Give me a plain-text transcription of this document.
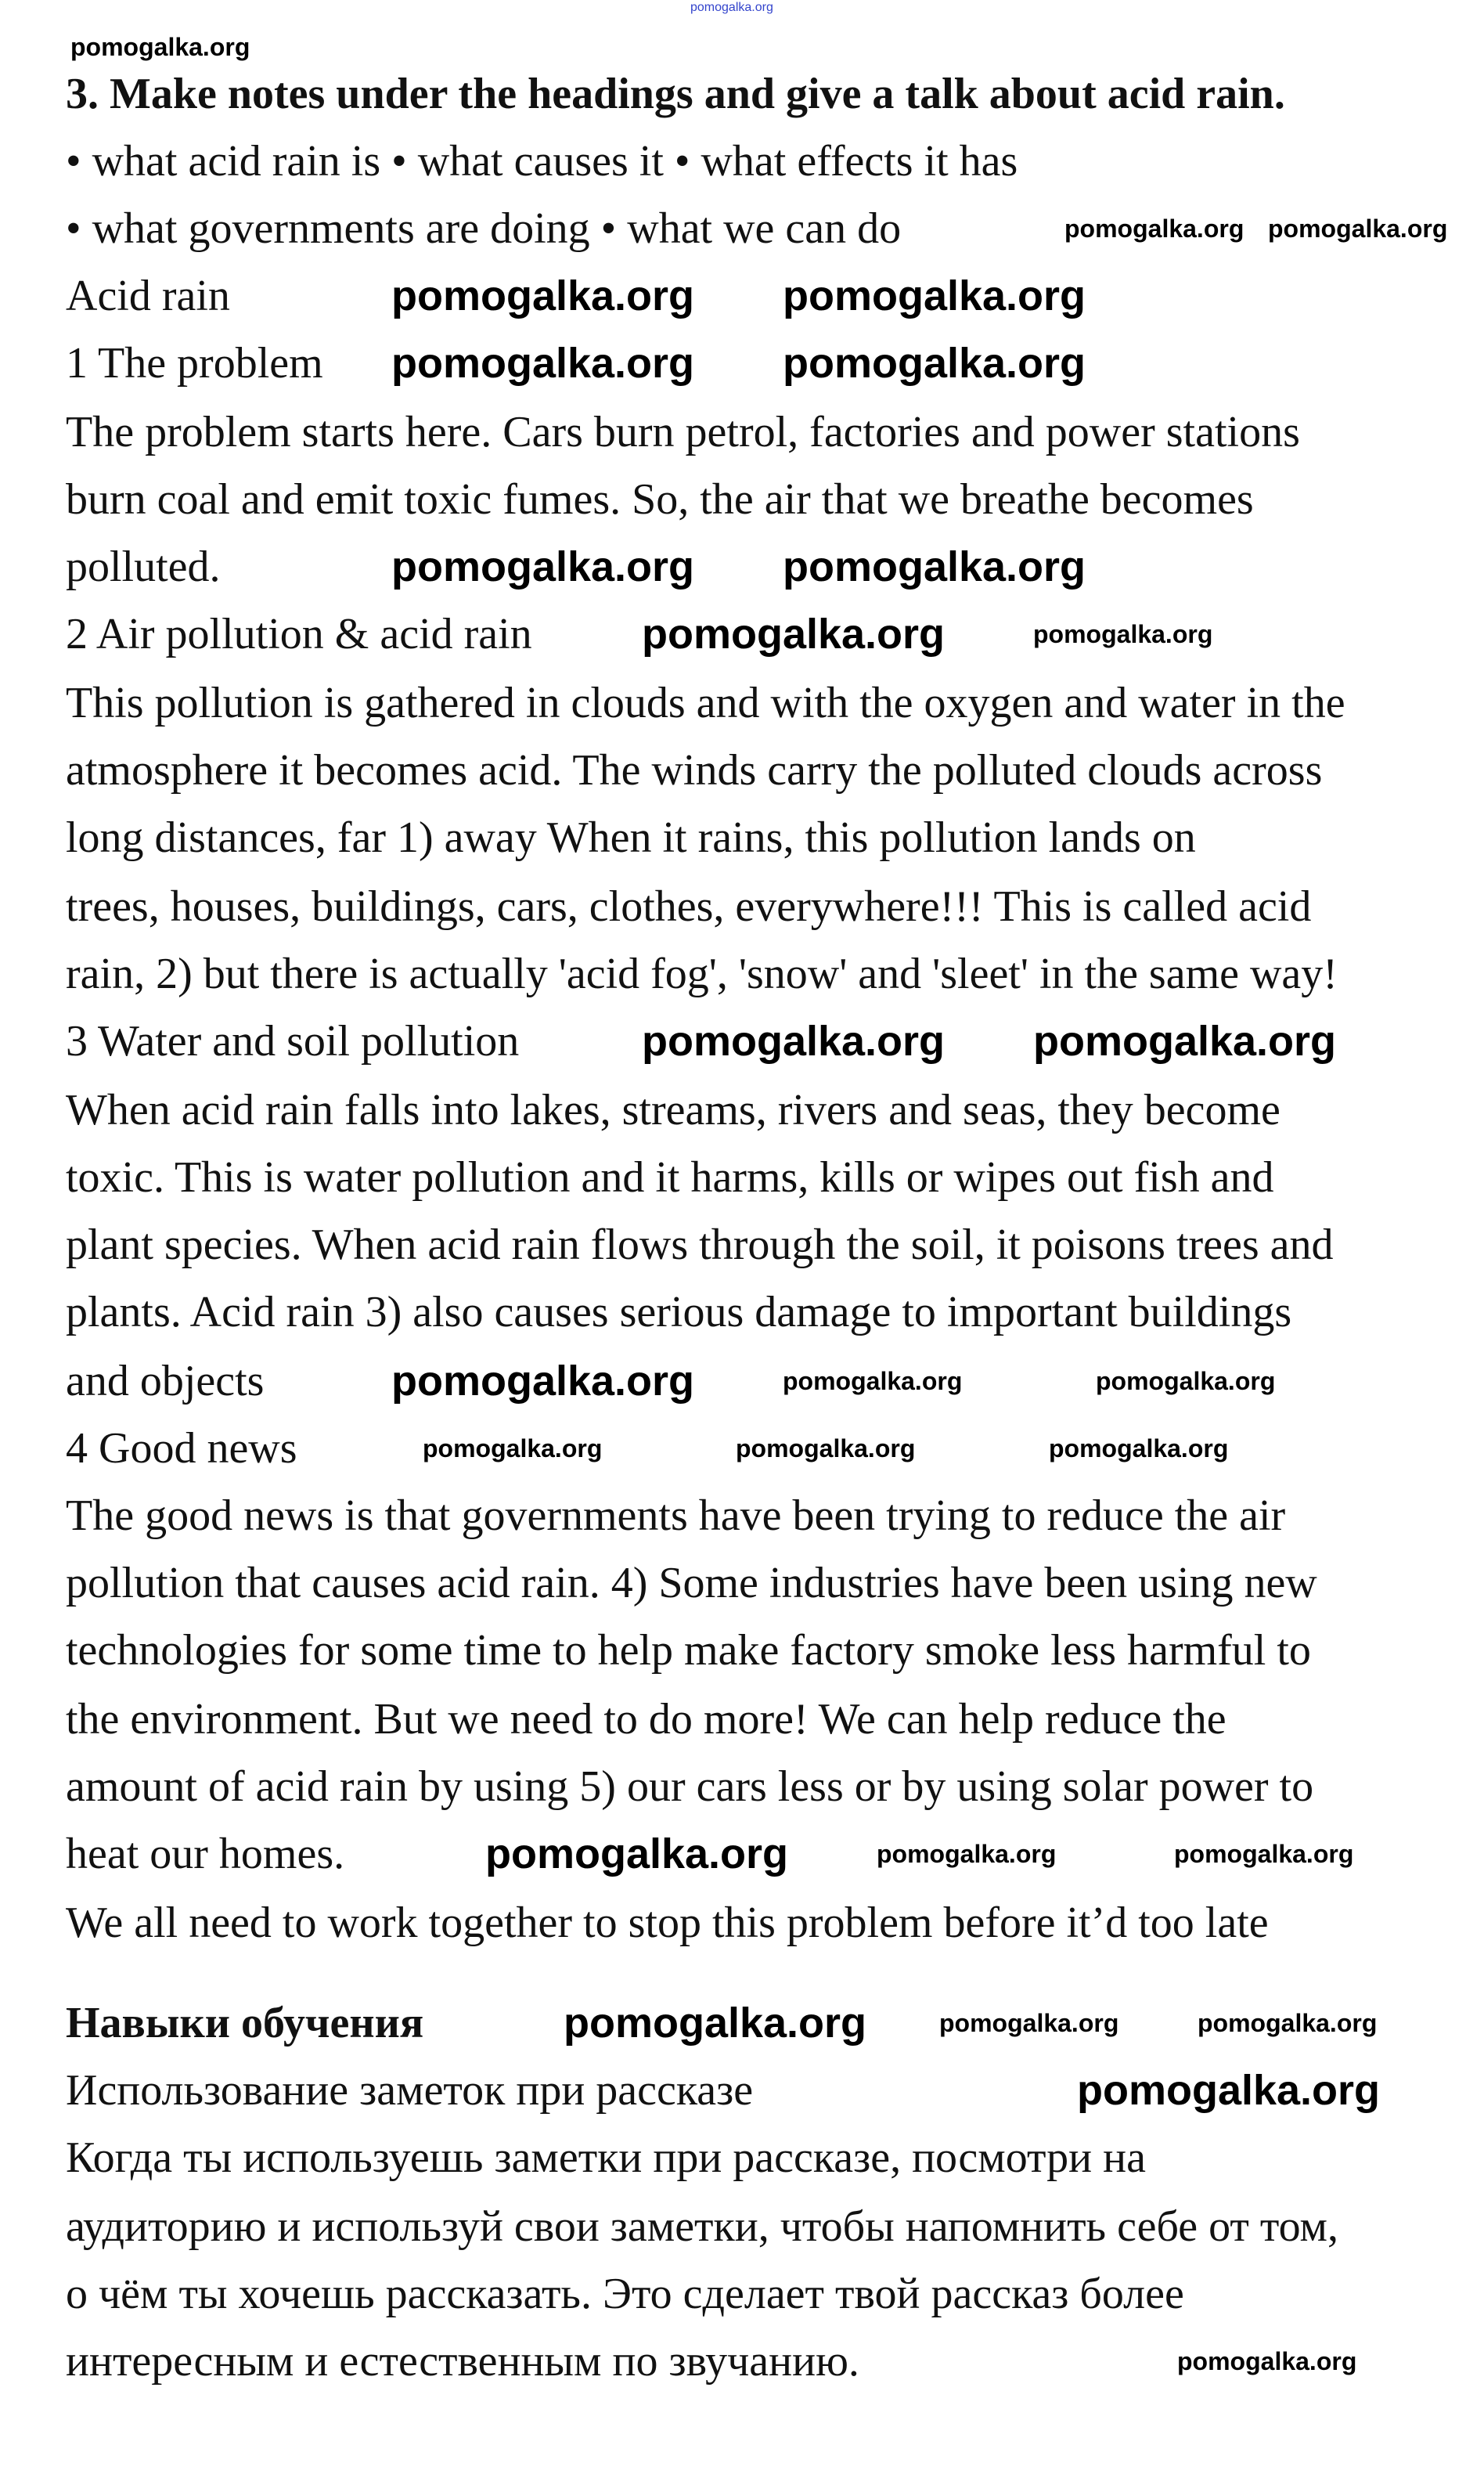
3. Make notes under the headings and give a talk about acid rain.
• what acid rain is • what causes it • what effects it has
• what governments are doing • what we can do
Acid rain
1 The problem
The problem starts here. Cars burn petrol, factories and power stations
burn coal and emit toxic fumes. So, the air that we breathe becomes
polluted.
2 Air pollution & acid rain
This pollution is gathered in clouds and with the oxygen and water in the
atmosphere it becomes acid. The winds carry the polluted clouds across
long distances, far 1) away When it rains, this pollution lands on
trees, houses, buildings, cars, clothes, everywhere!!! This is called acid
rain, 2) but there is actually 'acid fog', 'snow' and 'sleet' in the same way!
3 Water and soil pollution
When acid rain falls into lakes, streams, rivers and seas, they become
toxic. This is water pollution and it harms, kills or wipes out fish and
plant species. When acid rain flows through the soil, it poisons trees and
plants. Acid rain 3) also causes serious damage to important buildings
and objects
4 Good news
The good news is that governments have been trying to reduce the air
pollution that causes acid rain. 4) Some industries have been using new
technologies for some time to help make factory smoke less harmful to
the environment. But we need to do more! We can help reduce the
amount of acid rain by using 5) our cars less or by using solar power to
heat our homes.
We all need to work together to stop this problem before it’d too late
Навыки обучения
Использование заметок при рассказе
Когда ты используешь заметки при рассказе, посмотри на
аудиторию и используй свои заметки, чтобы напомнить себе от том,
о чём ты хочешь рассказать. Это сделает твой рассказ более
интересным и естественным по звучанию.
pomogalka.org
pomogalka.org
pomogalka.org pomogalka.org
pomogalka.org pomogalka.org
pomogalka.org pomogalka.org
pomogalka.org pomogalka.org
pomogalka.org	pomogalka.org
pomogalka.org pomogalka.org
pomogalka.org	pomogalka.org	pomogalka.org
pomogalka.org	pomogalka.org	pomogalka.org
pomogalka.org	pomogalka.org	pomogalka.org
pomogalka.org	pomogalka.org	pomogalka.org
pomogalka.org
pomogalka.org
